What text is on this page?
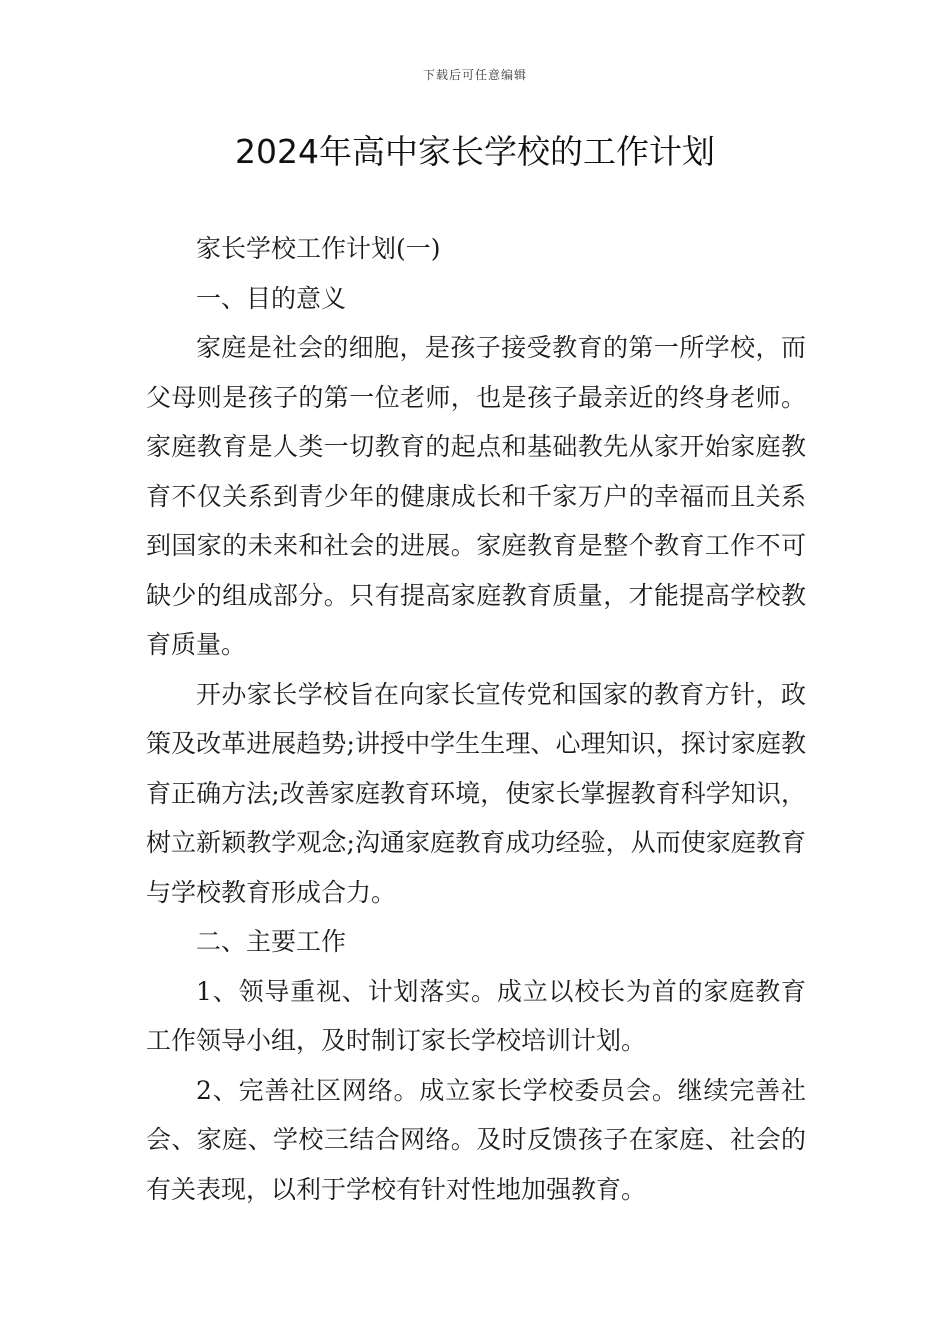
下载后可任意编辑
2024年高中家长学校的工作计划

家长学校工作计划(一)

一、目的意义

家庭是社会的细胞，是孩子接受教育的第一所学校，而父母则是孩子的第一位老师，也是孩子最亲近的终身老师。家庭教育是人类一切教育的起点和基础教先从家开始家庭教育不仅关系到青少年的健康成长和千家万户的幸福而且关系到国家的未来和社会的进展。家庭教育是整个教育工作不可缺少的组成部分。只有提高家庭教育质量，才能提高学校教育质量。

开办家长学校旨在向家长宣传党和国家的教育方针，政策及改革进展趋势;讲授中学生生理、心理知识，探讨家庭教育正确方法;改善家庭教育环境，使家长掌握教育科学知识，树立新颖教学观念;沟通家庭教育成功经验，从而使家庭教育与学校教育形成合力。

二、主要工作

1、领导重视、计划落实。成立以校长为首的家庭教育工作领导小组，及时制订家长学校培训计划。

2、完善社区网络。成立家长学校委员会。继续完善社会、家庭、学校三结合网络。及时反馈孩子在家庭、社会的有关表现，以利于学校有针对性地加强教育。
